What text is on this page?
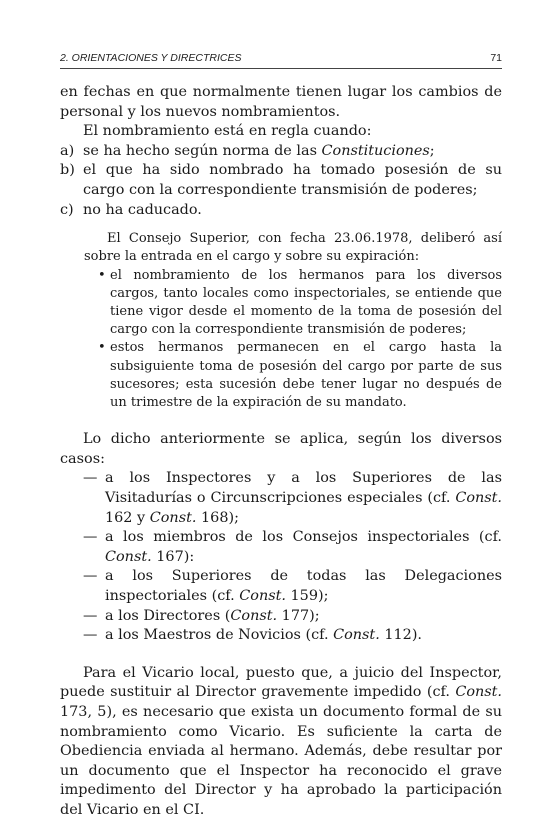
2. ORIENTACIONES Y DIRECTRICES	71

en fechas en que normalmente tienen lugar los cambios de personal y los nuevos nombramientos.

El nombramiento está en regla cuando:

a) se ha hecho según norma de las Constituciones;
b) el que ha sido nombrado ha tomado posesión de su cargo con la correspondiente transmisión de poderes;
c) no ha caducado.

El Consejo Superior, con fecha 23.06.1978, deliberó así sobre la entrada en el cargo y sobre su expiración:

• el nombramiento de los hermanos para los diversos cargos, tanto locales como inspectoriales, se entiende que tiene vigor desde el momento de la toma de posesión del cargo con la correspondiente transmisión de poderes;
• estos hermanos permanecen en el cargo hasta la subsiguiente toma de posesión del cargo por parte de sus sucesores; esta sucesión debe tener lugar no después de un trimestre de la expiración de su mandato.

Lo dicho anteriormente se aplica, según los diversos casos:

— a los Inspectores y a los Superiores de las Visitadurías o Circunscripciones especiales (cf. Const. 162 y Const. 168);
— a los miembros de los Consejos inspectoriales (cf. Const. 167):
— a los Superiores de todas las Delegaciones inspectoriales (cf. Const. 159);
— a los Directores (Const. 177);
— a los Maestros de Novicios (cf. Const. 112).

Para el Vicario local, puesto que, a juicio del Inspector, puede sustituir al Director gravemente impedido (cf. Const. 173, 5), es necesario que exista un documento formal de su nombramiento como Vicario. Es suficiente la carta de Obediencia enviada al hermano. Además, debe resultar por un documento que el Inspector ha reconocido el grave impedimento del Director y ha aprobado la participación del Vicario en el CI.
